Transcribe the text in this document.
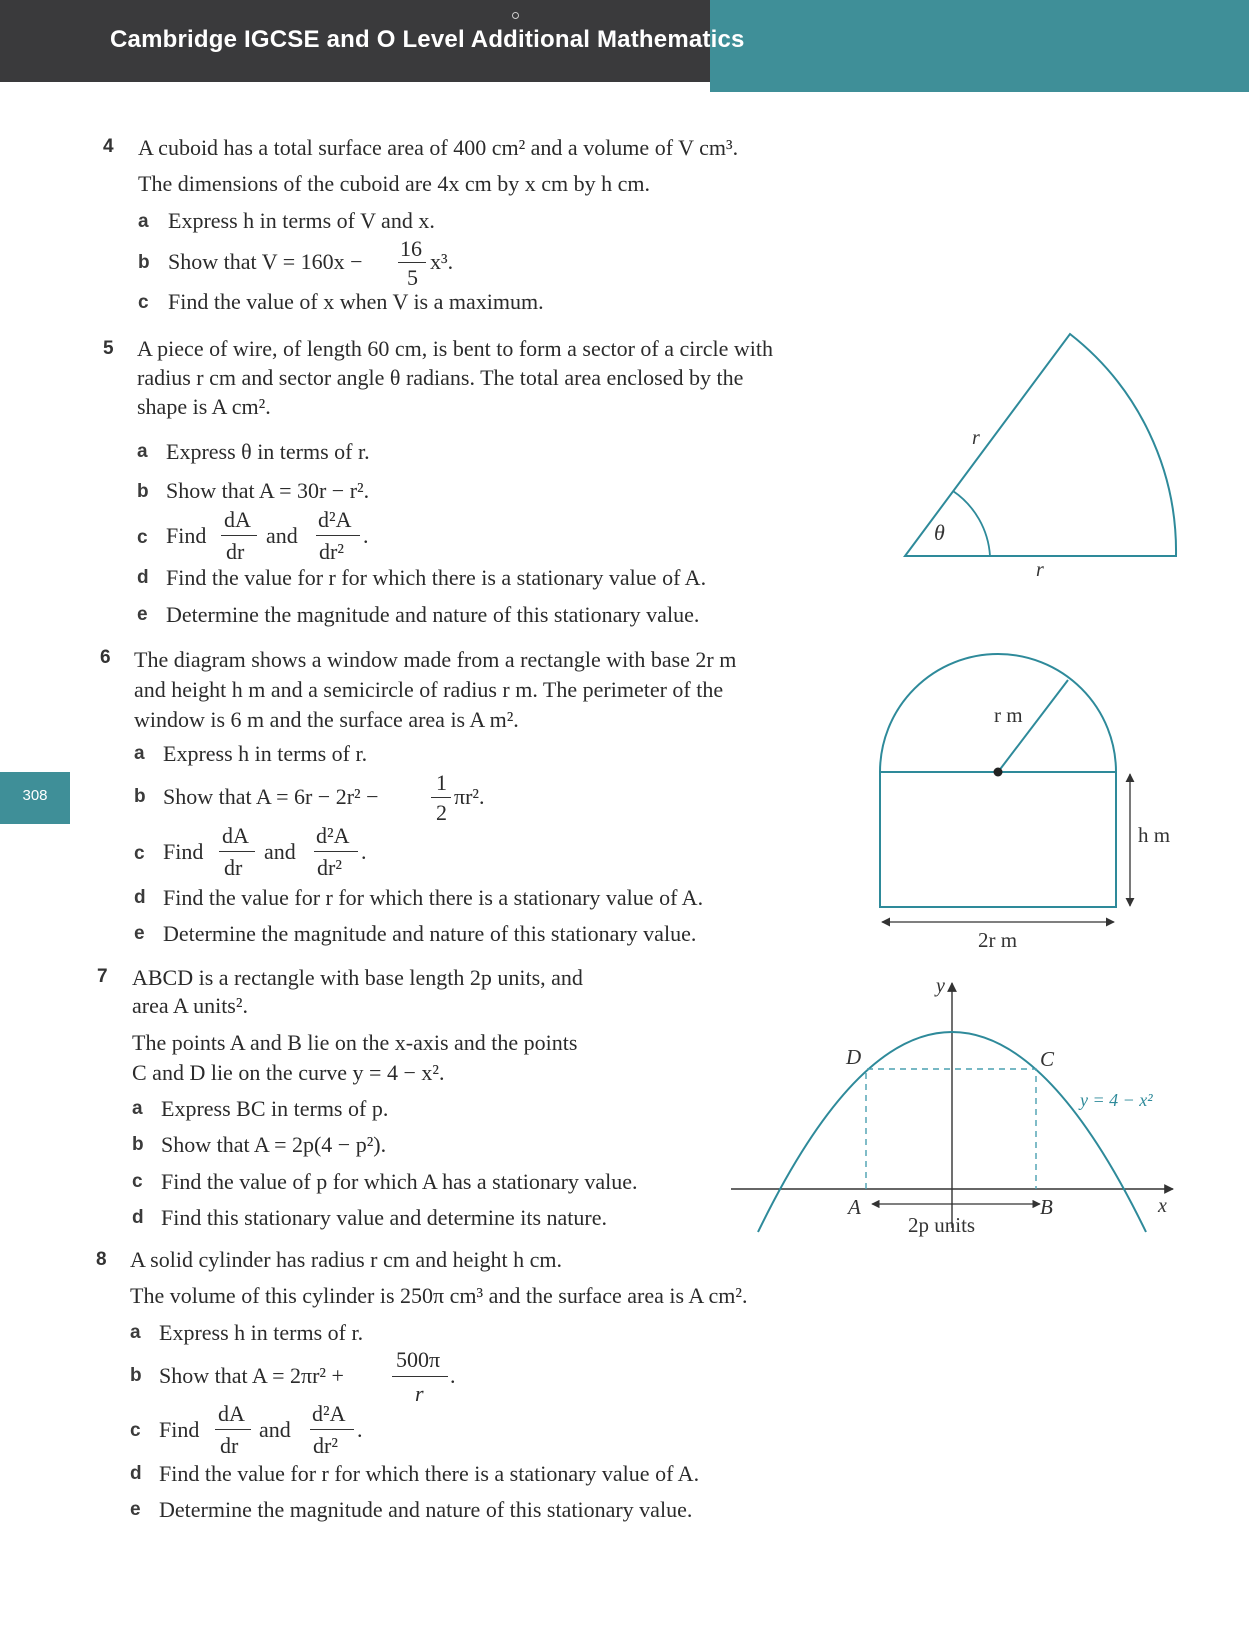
Cambridge IGCSE and O Level Additional Mathematics
308
4 A cuboid has a total surface area of 400 cm² and a volume of V cm³.
The dimensions of the cuboid are 4x cm by x cm by h cm.
a Express h in terms of V and x.
b Show that V = 160x −
16
5
x³.
c Find the value of x when V is a maximum.
5 A piece of wire, of length 60 cm, is bent to form a sector of a circle with
radius r cm and sector angle θ radians. The total area enclosed by the
shape is A cm².
a Express θ in terms of r.
b Show that A = 30r − r².
c Find
dA
dr
and
d²A
dr²
.
d Find the value for r for which there is a stationary value of A.
e Determine the magnitude and nature of this stationary value.
6 The diagram shows a window made from a rectangle with base 2r m
and height h m and a semicircle of radius r m. The perimeter of the
window is 6 m and the surface area is A m².
a Express h in terms of r.
b Show that A = 6r − 2r² −
1
2
πr².
c Find
dA
dr
and
d²A
dr²
.
d Find the value for r for which there is a stationary value of A.
e Determine the magnitude and nature of this stationary value.
7 ABCD is a rectangle with base length 2p units, and
area A units².
The points A and B lie on the x-axis and the points
C and D lie on the curve y = 4 − x².
a Express BC in terms of p.
b Show that A = 2p(4 − p²).
c Find the value of p for which A has a stationary value.
d Find this stationary value and determine its nature.
8 A solid cylinder has radius r cm and height h cm.
The volume of this cylinder is 250π cm³ and the surface area is A cm².
a Express h in terms of r.
b Show that A = 2πr² +
500π
r
.
c Find
dA
dr
and
d²A
dr²
.
d Find the value for r for which there is a stationary value of A.
e Determine the magnitude and nature of this stationary value.
θ
r
r
r m
h m
2r m
y
x
D	C
A	B
2p units
y = 4 − x²
